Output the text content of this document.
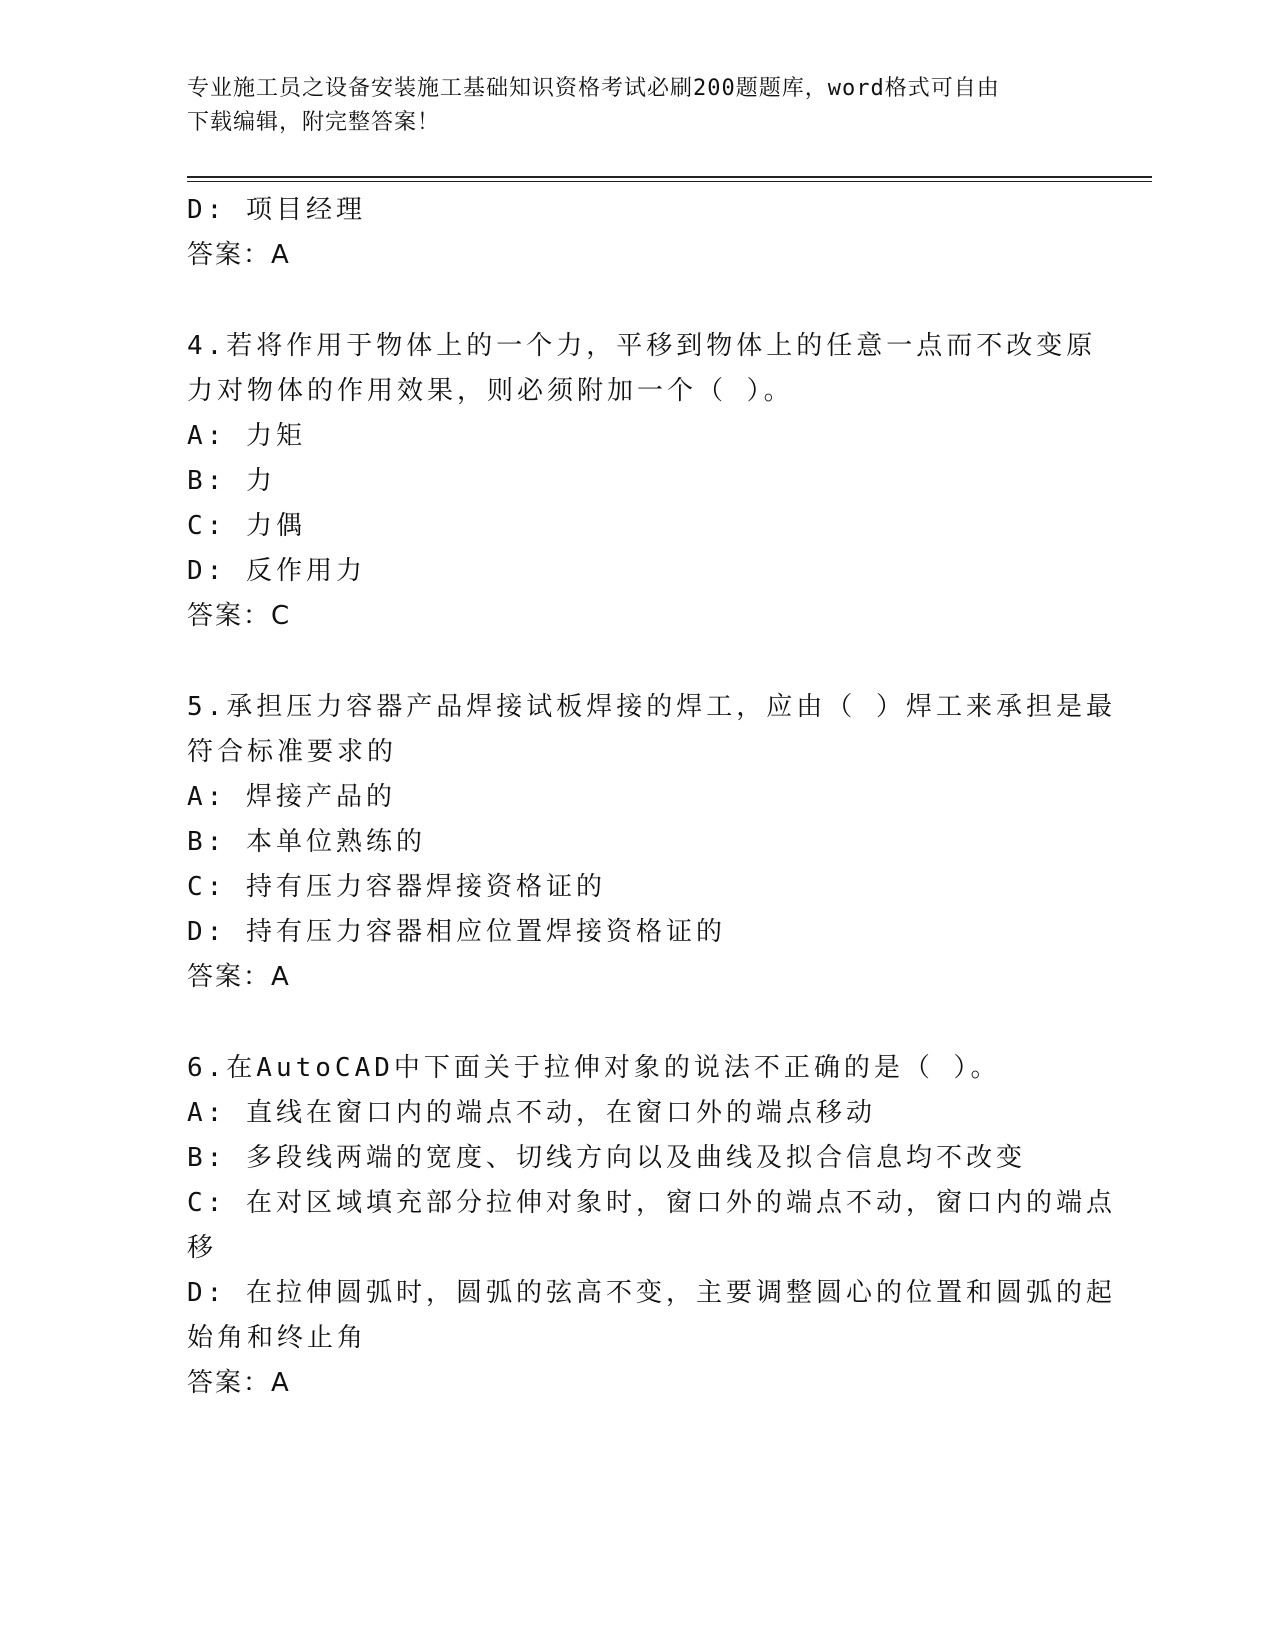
专业施工员之设备安装施工基础知识资格考试必刷200题题库，word格式可自由
下载编辑，附完整答案！
D: 项目经理
答案：A
4.若将作用于物体上的一个力，平移到物体上的任意一点而不改变原
力对物体的作用效果，则必须附加一个（ ）。
A: 力矩
B: 力
C: 力偶
D: 反作用力
答案：C
5.承担压力容器产品焊接试板焊接的焊工，应由（ ）焊工来承担是最
符合标准要求的
A: 焊接产品的
B: 本单位熟练的
C: 持有压力容器焊接资格证的
D: 持有压力容器相应位置焊接资格证的
答案：A
6.在AutoCAD中下面关于拉伸对象的说法不正确的是（ ）。
A: 直线在窗口内的端点不动，在窗口外的端点移动
B: 多段线两端的宽度、切线方向以及曲线及拟合信息均不改变
C: 在对区域填充部分拉伸对象时，窗口外的端点不动，窗口内的端点
移
D: 在拉伸圆弧时，圆弧的弦高不变，主要调整圆心的位置和圆弧的起
始角和终止角
答案：A
